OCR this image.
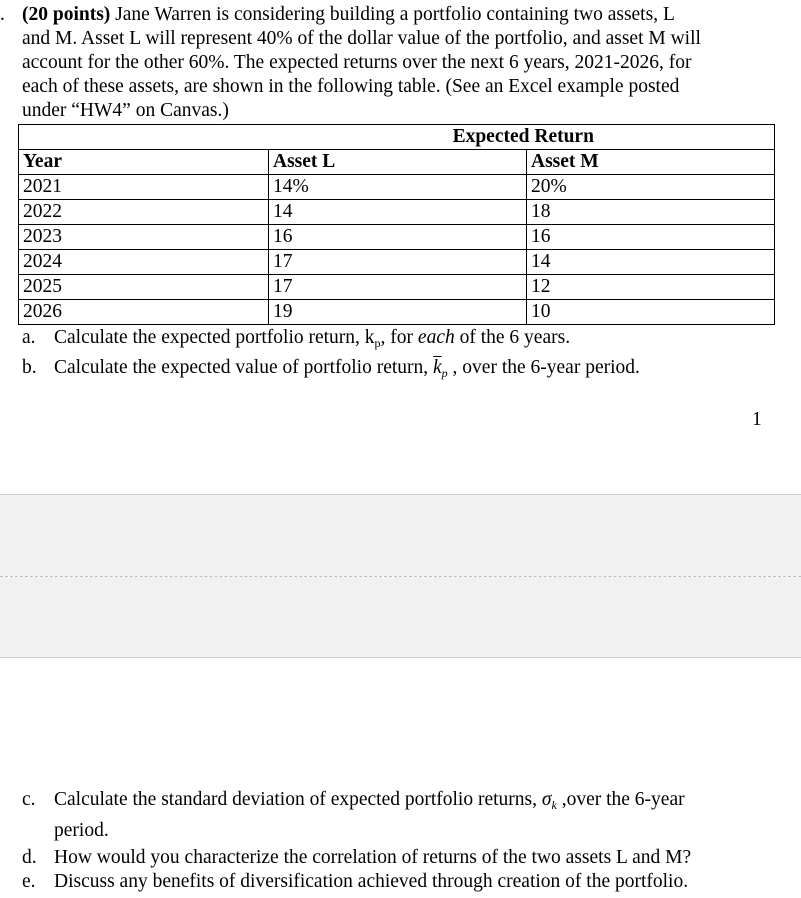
. (20 points) Jane Warren is considering building a portfolio containing two assets, L
and M. Asset L will represent 40% of the dollar value of the portfolio, and asset M will
account for the other 60%. The expected returns over the next 6 years, 2021-2026, for
each of these assets, are shown in the following table. (See an Excel example posted
under “HW4” on Canvas.)
	Expected Return	
Year	Asset L	Asset M
2021	14%	20%
2022	14	18
2023	16	16
2024	17	14
2025	17	12
2026	19	10
a. Calculate the expected portfolio return, $k_p$, for each of the 6 years.
b. Calculate the expected value of portfolio return, $\overline{k}_p$ , over the 6-year period.
1
c. Calculate the standard deviation of expected portfolio returns, $\sigma_k$ ,over the 6-year
period.
d. How would you characterize the correlation of returns of the two assets L and M?
e. Discuss any benefits of diversification achieved through creation of the portfolio.
